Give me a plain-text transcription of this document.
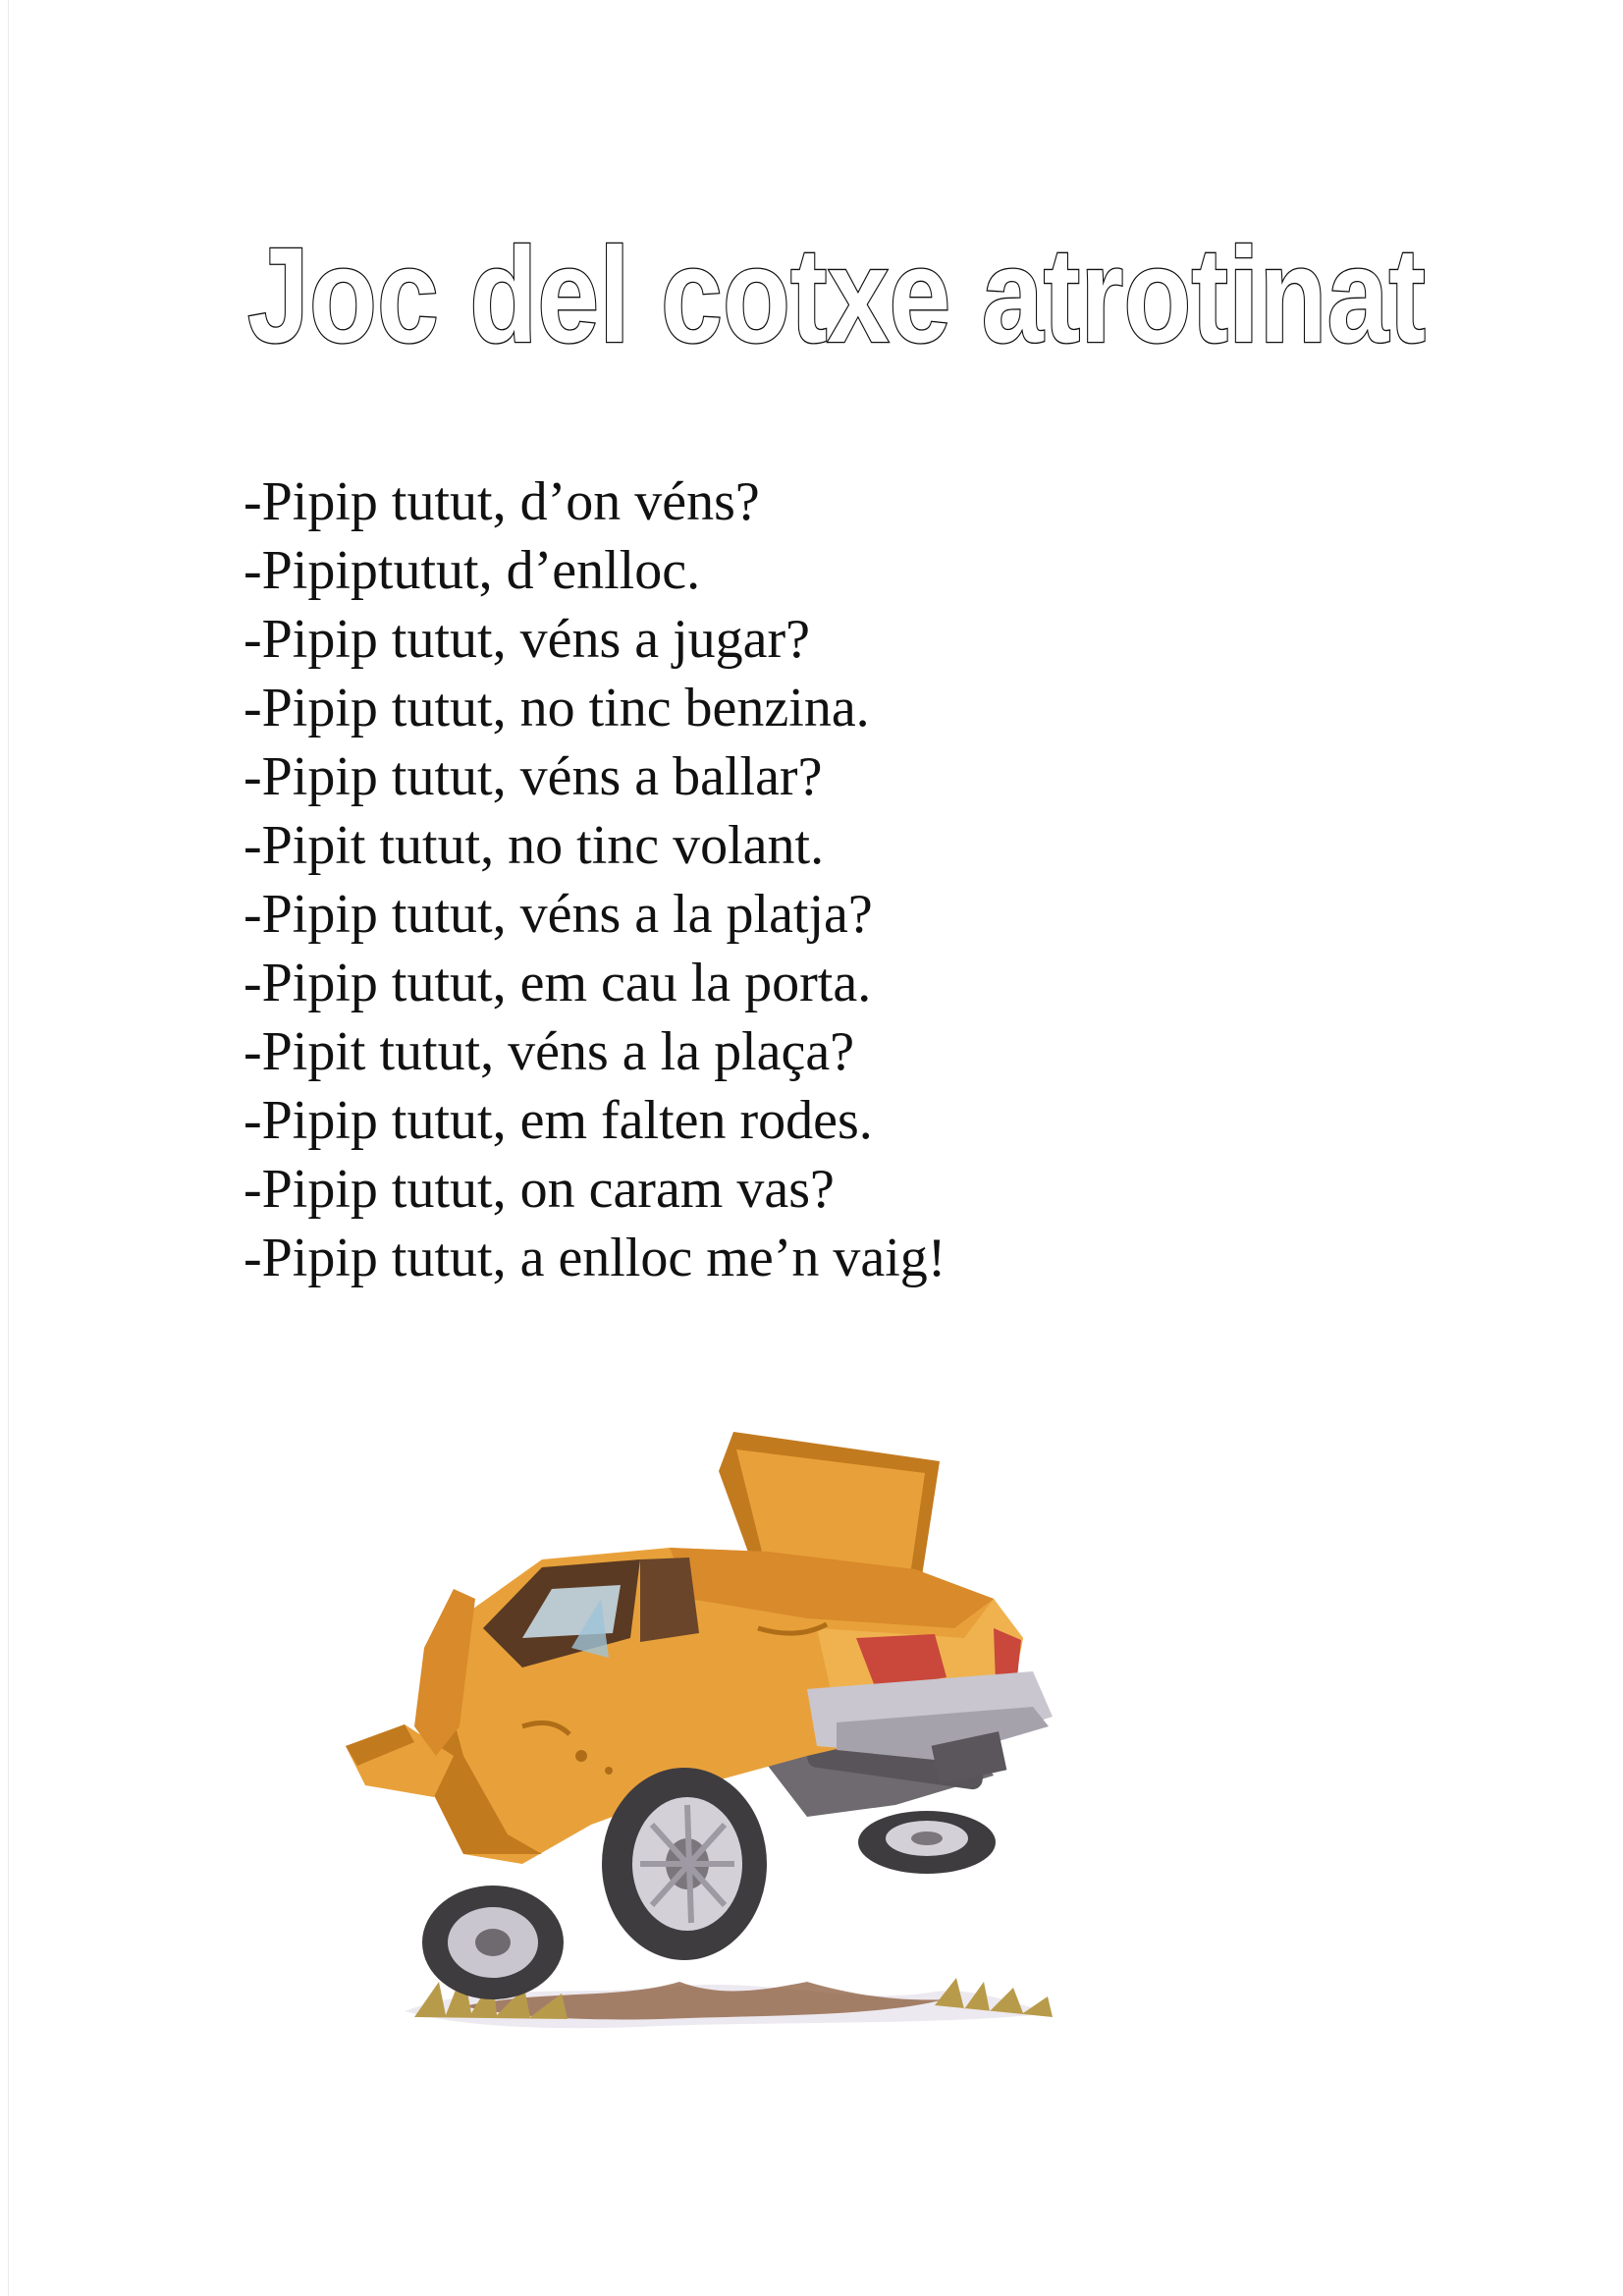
Joc del cotxe atrotinat
-Pipip tutut, d’on véns?
-Pipiptutut, d’enlloc.
-Pipip tutut, véns a jugar?
-Pipip tutut, no tinc benzina.
-Pipip tutut, véns a ballar?
-Pipit tutut, no tinc volant.
-Pipip tutut, véns a la platja?
-Pipip tutut, em cau la porta.
-Pipit tutut, véns a la plaça?
-Pipip tutut, em falten rodes.
-Pipip tutut, on caram vas?
-Pipip tutut, a enlloc me’n vaig!
